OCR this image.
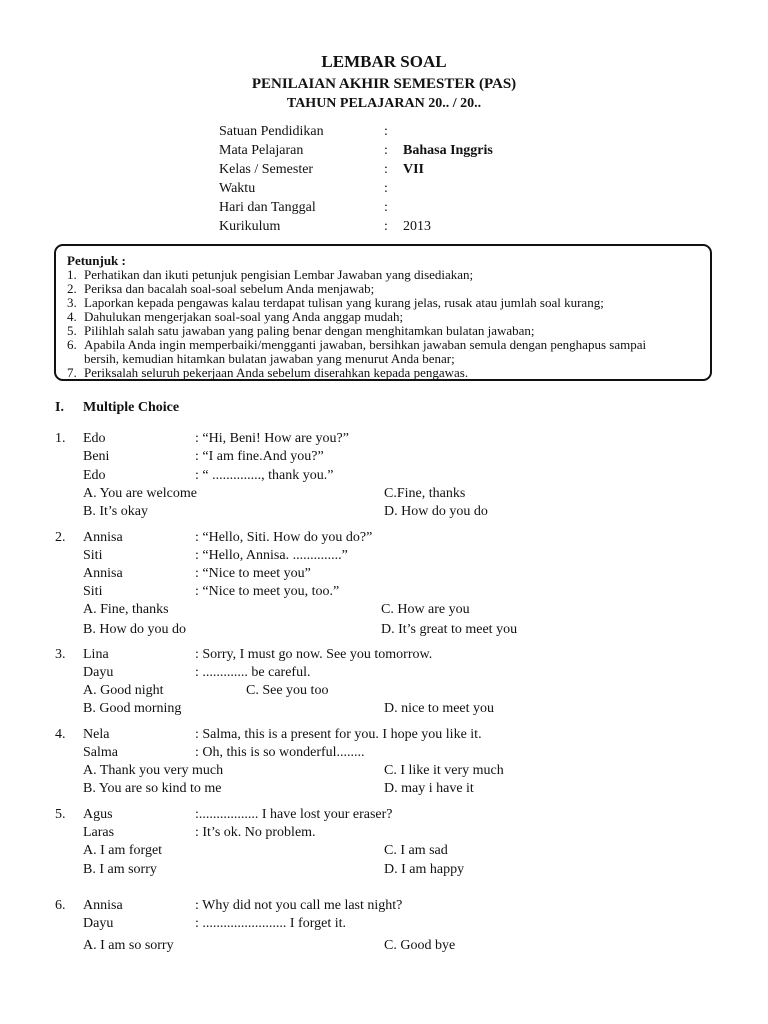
LEMBAR SOAL
PENILAIAN AKHIR SEMESTER (PAS)
TAHUN PELAJARAN 20.. / 20..
Satuan Pendidikan	:
Mata Pelajaran	: Bahasa Inggris
Kelas / Semester	: VII
Waktu	:
Hari dan Tanggal	:
Kurikulum	: 2013
Petunjuk :
1. Perhatikan dan ikuti petunjuk pengisian Lembar Jawaban yang disediakan;
2. Periksa dan bacalah soal-soal sebelum Anda menjawab;
3. Laporkan kepada pengawas kalau terdapat tulisan yang kurang jelas, rusak atau jumlah soal kurang;
4. Dahulukan mengerjakan soal-soal yang Anda anggap mudah;
5. Pilihlah salah satu jawaban yang paling benar dengan menghitamkan bulatan jawaban;
6. Apabila Anda ingin memperbaiki/mengganti jawaban, bersihkan jawaban semula dengan penghapus sampai
bersih, kemudian hitamkan bulatan jawaban yang menurut Anda benar;
7. Periksalah seluruh pekerjaan Anda sebelum diserahkan kepada pengawas.
I. Multiple Choice
1. Edo	: “Hi, Beni! How are you?”
Beni	: “I am fine.And you?”
Edo	: “ .............., thank you.”
A. You are welcome	C.Fine, thanks
B. It’s okay	D. How do you do
2. Annisa	: “Hello, Siti. How do you do?”
Siti	: “Hello, Annisa. ..............”
Annisa	: “Nice to meet you”
Siti	: “Nice to meet you, too.”
A. Fine, thanks	C. How are you
B. How do you do	D. It’s great to meet you
3. Lina	: Sorry, I must go now. See you tomorrow.
Dayu	: ............. be careful.
A. Good night	C. See you too
B. Good morning	D. nice to meet you
4. Nela	: Salma, this is a present for you. I hope you like it.
Salma	: Oh, this is so wonderful........
A. Thank you very much	C. I like it very much
B. You are so kind to me	D. may i have it
5. Agus	:................. I have lost your eraser?
Laras	: It’s ok. No problem.
A. I am forget	C. I am sad
B. I am sorry	D. I am happy
6. Annisa	: Why did not you call me last night?
Dayu	: ........................ I forget it.
A. I am so sorry	C. Good bye
